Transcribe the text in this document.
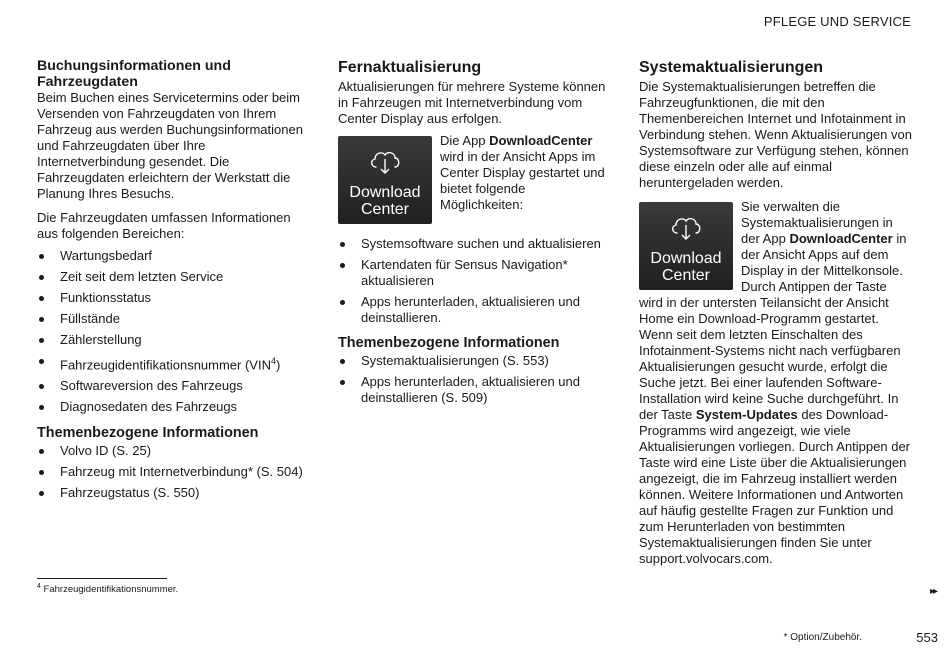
PFLEGE UND SERVICE
Buchungsinformationen und Fahrzeugdaten

Beim Buchen eines Servicetermins oder beim Versenden von Fahrzeugdaten von Ihrem Fahrzeug aus werden Buchungsinformationen und Fahrzeugdaten über Ihre Internetverbindung gesendet. Die Fahrzeugdaten erleichtern der Werkstatt die Planung Ihres Besuchs.

Die Fahrzeugdaten umfassen Informationen aus folgenden Bereichen:

Wartungsbedarf
Zeit seit dem letzten Service
Funktionsstatus
Füllstände
Zählerstellung
Fahrzeugidentifikationsnummer (VIN$^4$)
Softwareversion des Fahrzeugs
Diagnosedaten des Fahrzeugs
Themenbezogene Informationen
Volvo ID (S. 25)
Fahrzeug mit Internetverbindung* (S. 504)
Fahrzeugstatus (S. 550)
Fernaktualisierung

Aktualisierungen für mehrere Systeme können in Fahrzeugen mit Internetverbindung vom Center Display aus erfolgen.

Download
Center

Die App DownloadCenter wird in der Ansicht Apps im Center Display gestartet und bietet folgende Möglichkeiten:

Systemsoftware suchen und aktualisieren
Kartendaten für Sensus Navigation* aktualisieren
Apps herunterladen, aktualisieren und deinstallieren.
Themenbezogene Informationen
Systemaktualisierungen (S. 553)
Apps herunterladen, aktualisieren und deinstallieren (S. 509)
Systemaktualisierungen

Die Systemaktualisierungen betreffen die Fahrzeugfunktionen, die mit den Themenbereichen Internet und Infotainment in Verbindung stehen. Wenn Aktualisierungen von Systemsoftware zur Verfügung stehen, können diese einzeln oder alle auf einmal heruntergeladen werden.

Download
Center

Sie verwalten die Systemaktualisierungen in der App DownloadCenter in der Ansicht Apps auf dem Display in der Mittelkonsole. Durch Antippen der Taste wird in der untersten Teilansicht der Ansicht Home ein Download-Programm gestartet. Wenn seit dem letzten Einschalten des Infotainment-Systems nicht nach verfügbaren Aktualisierungen gesucht wurde, erfolgt die Suche jetzt. Bei einer laufenden Software-Installation wird keine Suche durchgeführt. In der Taste System-Updates des Download-Programms wird angezeigt, wie viele Aktualisierungen vorliegen. Durch Antippen der Taste wird eine Liste über die Aktualisierungen angezeigt, die im Fahrzeug installiert werden können. Weitere Informationen und Antworten auf häufig gestellte Fragen zur Funktion und zum Herunterladen von bestimmten Systemaktualisierungen finden Sie unter support.volvocars.com.

$^4$ Fahrzeugidentifikationsnummer.	▸▸
* Option/Zubehör.	553
